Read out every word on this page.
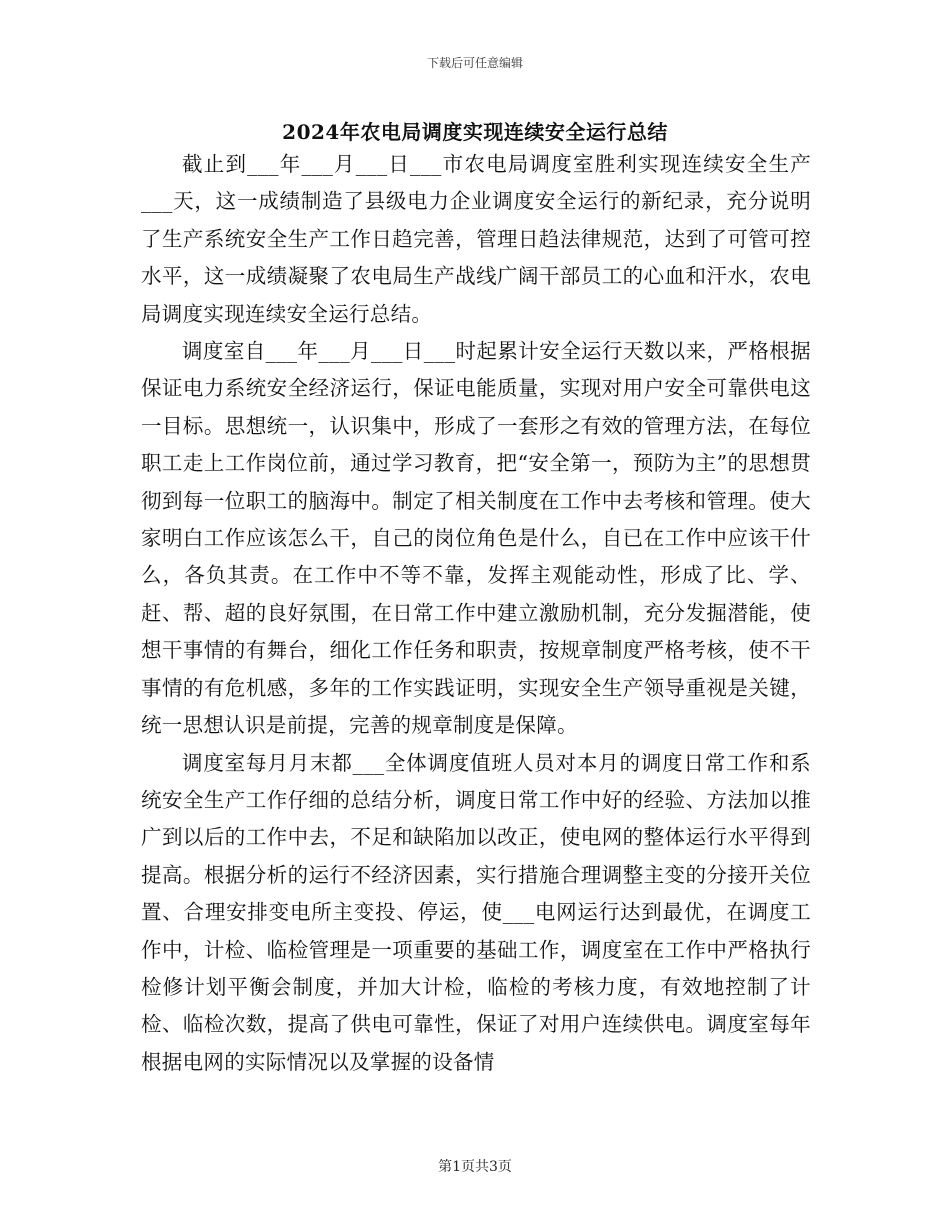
下载后可任意编辑
2024年农电局调度实现连续安全运行总结

截止到___年___月___日___市农电局调度室胜利实现连续安全生产___天，这一成绩制造了县级电力企业调度安全运行的新纪录，充分说明了生产系统安全生产工作日趋完善，管理日趋法律规范，达到了可管可控水平，这一成绩凝聚了农电局生产战线广阔干部员工的心血和汗水，农电局调度实现连续安全运行总结。

调度室自___年___月___日___时起累计安全运行天数以来，严格根据保证电力系统安全经济运行，保证电能质量，实现对用户安全可靠供电这一目标。思想统一，认识集中，形成了一套形之有效的管理方法，在每位职工走上工作岗位前，通过学习教育，把“安全第一，预防为主”的思想贯彻到每一位职工的脑海中。制定了相关制度在工作中去考核和管理。使大家明白工作应该怎么干，自己的岗位角色是什么，自已在工作中应该干什么，各负其责。在工作中不等不靠，发挥主观能动性，形成了比、学、赶、帮、超的良好氛围，在日常工作中建立激励机制，充分发掘潜能，使想干事情的有舞台，细化工作任务和职责，按规章制度严格考核，使不干事情的有危机感，多年的工作实践证明，实现安全生产领导重视是关键，统一思想认识是前提，完善的规章制度是保障。

调度室每月月末都___全体调度值班人员对本月的调度日常工作和系统安全生产工作仔细的总结分析，调度日常工作中好的经验、方法加以推广到以后的工作中去，不足和缺陷加以改正，使电网的整体运行水平得到提高。根据分析的运行不经济因素，实行措施合理调整主变的分接开关位置、合理安排变电所主变投、停运，使___电网运行达到最优，在调度工作中，计检、临检管理是一项重要的基础工作，调度室在工作中严格执行检修计划平衡会制度，并加大计检，临检的考核力度，有效地控制了计检、临检次数，提高了供电可靠性，保证了对用户连续供电。调度室每年根据电网的实际情况以及掌握的设备情

第1页共3页
